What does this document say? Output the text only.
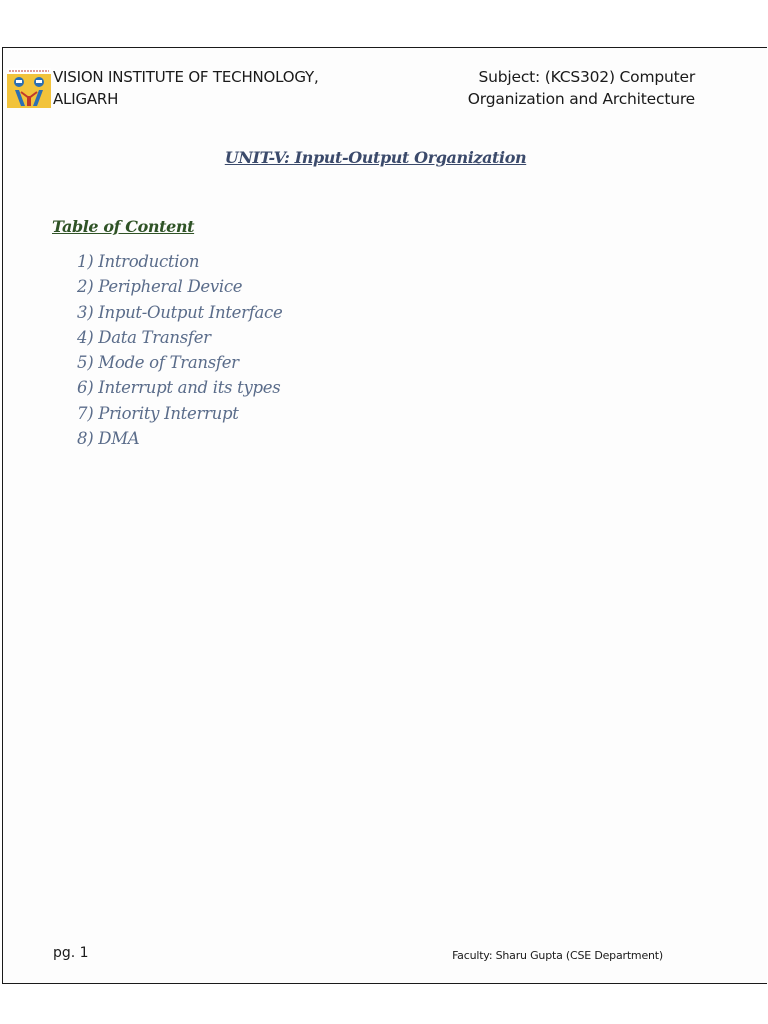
VISION INSTITUTE OF TECHNOLOGY,
ALIGARH
Subject: (KCS302) Computer
Organization and Architecture
UNIT-V: Input-Output Organization
Table of Content
1) Introduction
2) Peripheral Device
3) Input-Output Interface
4) Data Transfer
5) Mode of Transfer
6) Interrupt and its types
7) Priority Interrupt
8) DMA
pg. 1	Faculty: Sharu Gupta (CSE Department)
